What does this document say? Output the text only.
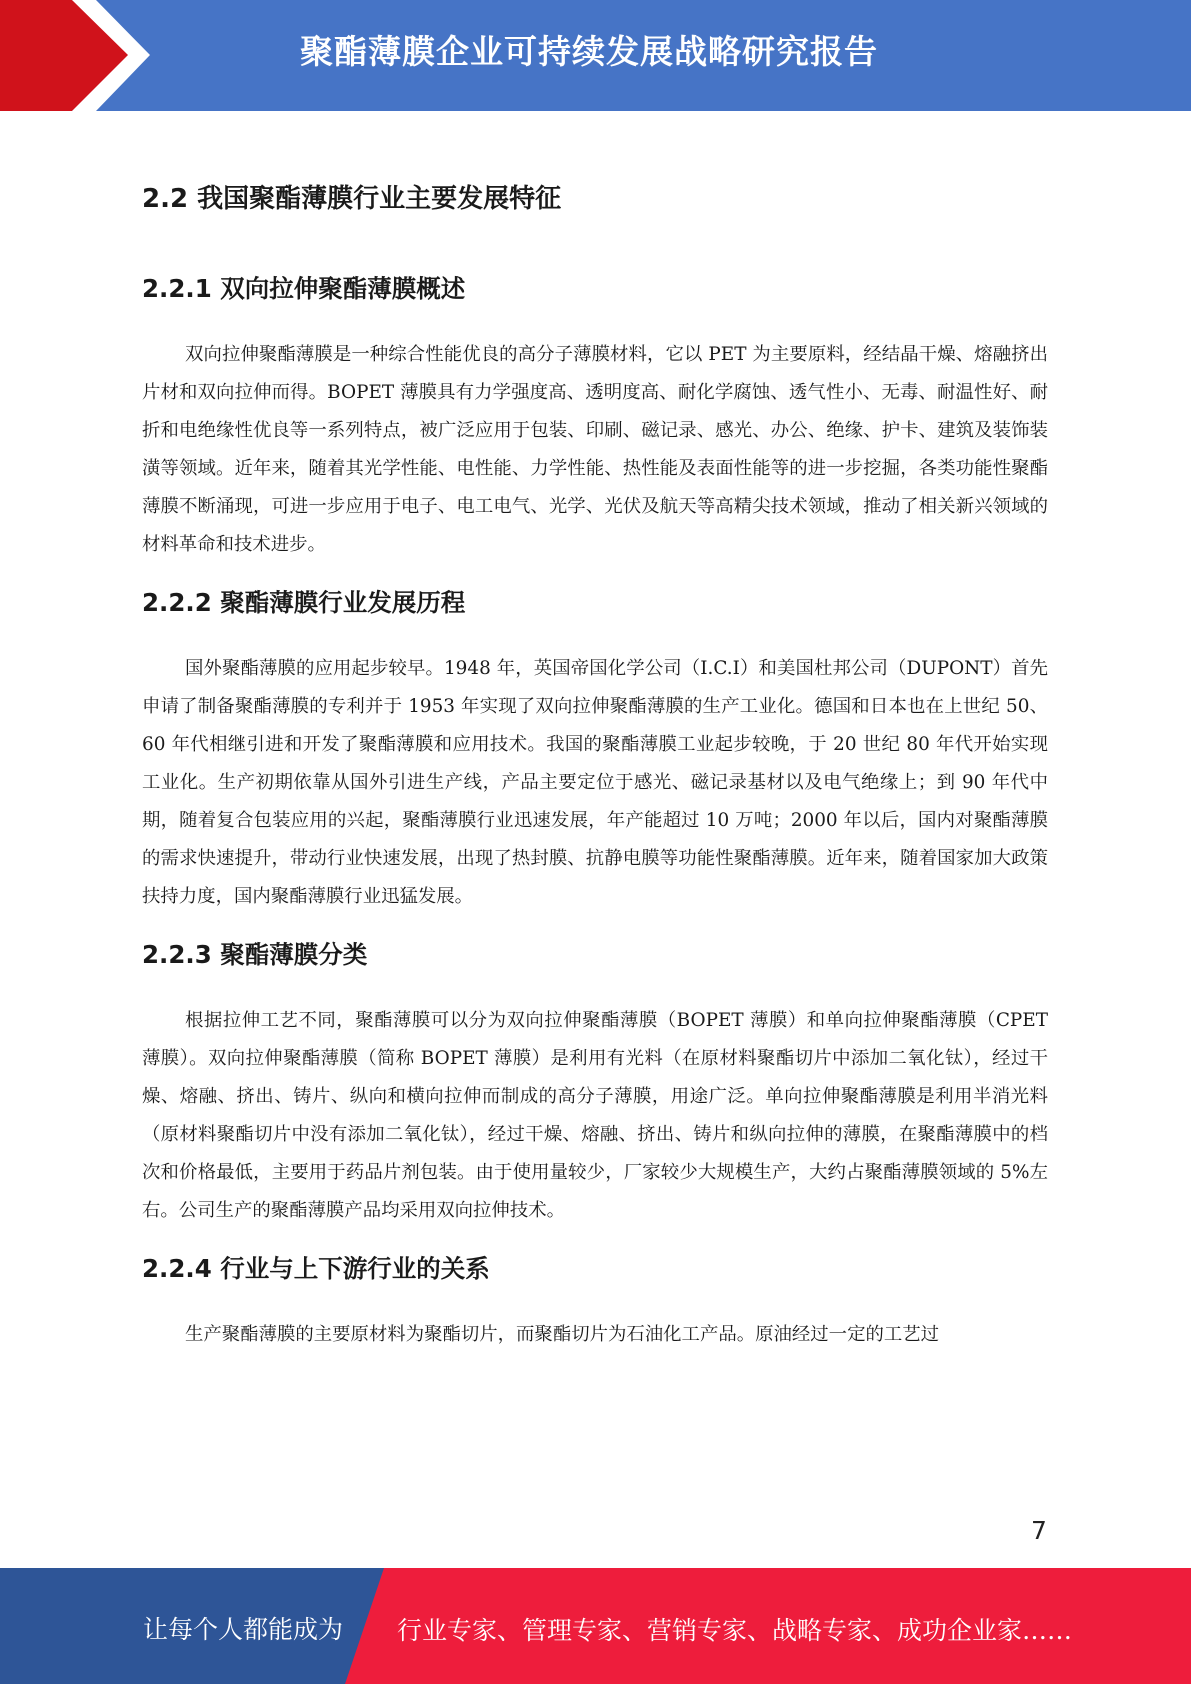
聚酯薄膜企业可持续发展战略研究报告
2.2 我国聚酯薄膜行业主要发展特征
2.2.1 双向拉伸聚酯薄膜概述

双向拉伸聚酯薄膜是一种综合性能优良的高分子薄膜材料，它以 PET 为主要原料，经结晶干燥、熔融挤出片材和双向拉伸而得。BOPET 薄膜具有力学强度高、透明度高、耐化学腐蚀、透气性小、无毒、耐温性好、耐折和电绝缘性优良等一系列特点，被广泛应用于包装、印刷、磁记录、感光、办公、绝缘、护卡、建筑及装饰装潢等领域。近年来，随着其光学性能、电性能、力学性能、热性能及表面性能等的进一步挖掘，各类功能性聚酯薄膜不断涌现，可进一步应用于电子、电工电气、光学、光伏及航天等高精尖技术领域，推动了相关新兴领域的材料革命和技术进步。

2.2.2 聚酯薄膜行业发展历程

国外聚酯薄膜的应用起步较早。1948 年，英国帝国化学公司（I.C.I）和美国杜邦公司（DUPONT）首先申请了制备聚酯薄膜的专利并于 1953 年实现了双向拉伸聚酯薄膜的生产工业化。德国和日本也在上世纪 50、60 年代相继引进和开发了聚酯薄膜和应用技术。我国的聚酯薄膜工业起步较晚，于 20 世纪 80 年代开始实现工业化。生产初期依靠从国外引进生产线，产品主要定位于感光、磁记录基材以及电气绝缘上；到 90 年代中期，随着复合包装应用的兴起，聚酯薄膜行业迅速发展，年产能超过 10 万吨；2000 年以后，国内对聚酯薄膜的需求快速提升，带动行业快速发展，出现了热封膜、抗静电膜等功能性聚酯薄膜。近年来，随着国家加大政策扶持力度，国内聚酯薄膜行业迅猛发展。

2.2.3 聚酯薄膜分类

根据拉伸工艺不同，聚酯薄膜可以分为双向拉伸聚酯薄膜（BOPET 薄膜）和单向拉伸聚酯薄膜（CPET 薄膜）。双向拉伸聚酯薄膜（简称 BOPET 薄膜）是利用有光料（在原材料聚酯切片中添加二氧化钛），经过干燥、熔融、挤出、铸片、纵向和横向拉伸而制成的高分子薄膜，用途广泛。单向拉伸聚酯薄膜是利用半消光料（原材料聚酯切片中没有添加二氧化钛），经过干燥、熔融、挤出、铸片和纵向拉伸的薄膜，在聚酯薄膜中的档次和价格最低，主要用于药品片剂包装。由于使用量较少，厂家较少大规模生产，大约占聚酯薄膜领域的 5%左右。公司生产的聚酯薄膜产品均采用双向拉伸技术。

2.2.4 行业与上下游行业的关系

生产聚酯薄膜的主要原材料为聚酯切片，而聚酯切片为石油化工产品。原油经过一定的工艺过

7
让每个人都能成为 行业专家、管理专家、营销专家、战略专家、成功企业家……
